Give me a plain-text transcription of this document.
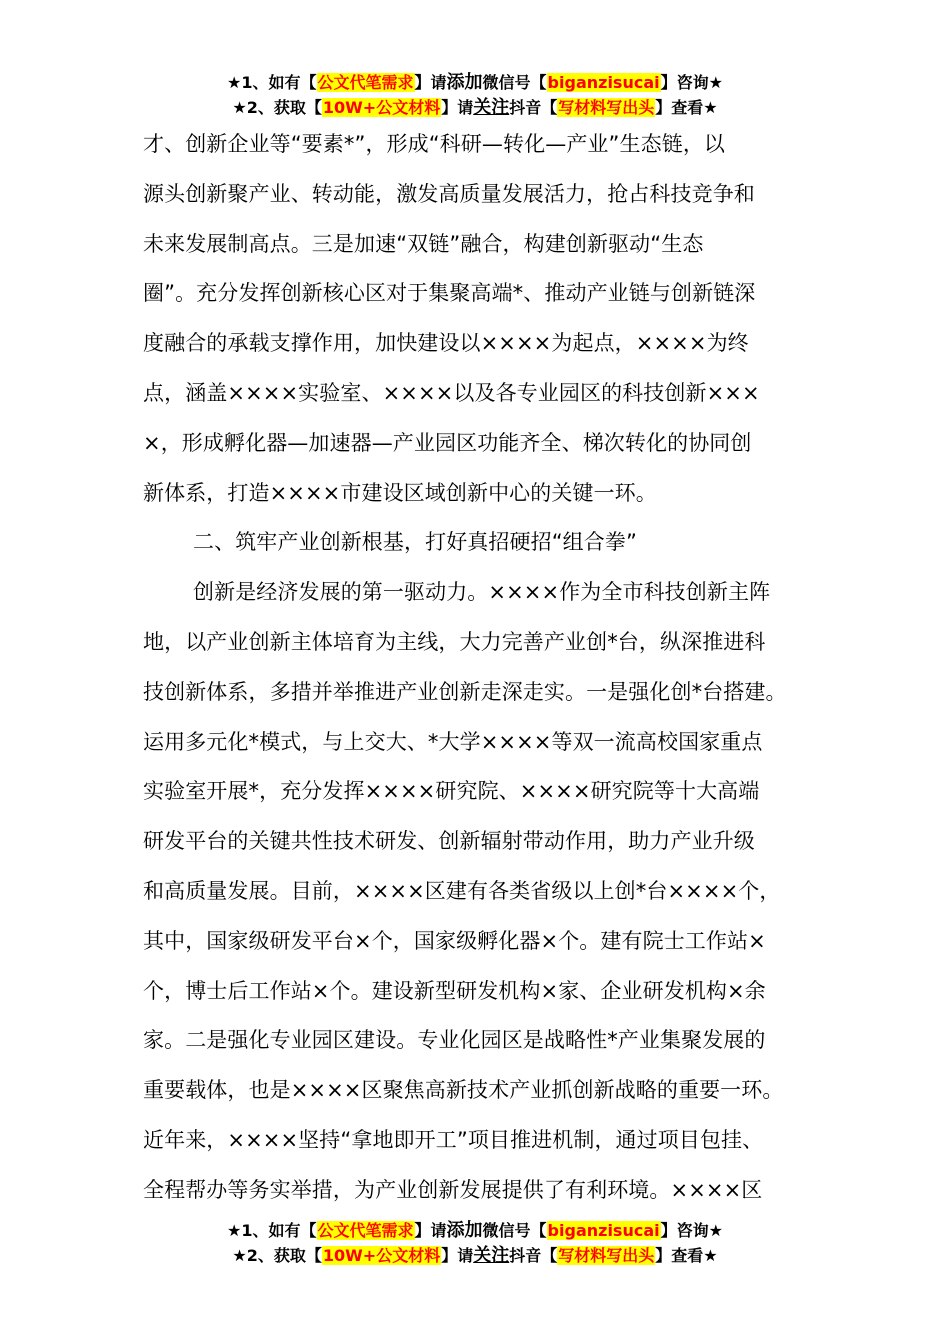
★1、如有【公文代笔需求】请添加微信号【biganzisucai】咨询★
★2、获取【10W+公文材料】请关注抖音【写材料写出头】查看★
才、创新企业等“要素*”，形成“科研—转化—产业”生态链，以
源头创新聚产业、转动能，激发高质量发展活力，抢占科技竞争和
未来发展制高点。三是加速“双链”融合，构建创新驱动“生态
圈”。充分发挥创新核心区对于集聚高端*、推动产业链与创新链深
度融合的承载支撑作用，加快建设以××××为起点，××××为终
点，涵盖××××实验室、××××以及各专业园区的科技创新×××
×，形成孵化器—加速器—产业园区功能齐全、梯次转化的协同创
新体系，打造××××市建设区域创新中心的关键一环。
二、筑牢产业创新根基，打好真招硬招“组合拳”
创新是经济发展的第一驱动力。××××作为全市科技创新主阵
地，以产业创新主体培育为主线，大力完善产业创*台，纵深推进科
技创新体系，多措并举推进产业创新走深走实。一是强化创*台搭建。
运用多元化*模式，与上交大、*大学××××等双一流高校国家重点
实验室开展*，充分发挥××××研究院、××××研究院等十大高端
研发平台的关键共性技术研发、创新辐射带动作用，助力产业升级
和高质量发展。目前，××××区建有各类省级以上创*台××××个，
其中，国家级研发平台×个，国家级孵化器×个。建有院士工作站×
个，博士后工作站×个。建设新型研发机构×家、企业研发机构×余
家。二是强化专业园区建设。专业化园区是战略性*产业集聚发展的
重要载体，也是××××区聚焦高新技术产业抓创新战略的重要一环。
近年来，××××坚持“拿地即开工”项目推进机制，通过项目包挂、
全程帮办等务实举措，为产业创新发展提供了有利环境。××××区
★1、如有【公文代笔需求】请添加微信号【biganzisucai】咨询★
★2、获取【10W+公文材料】请关注抖音【写材料写出头】查看★
